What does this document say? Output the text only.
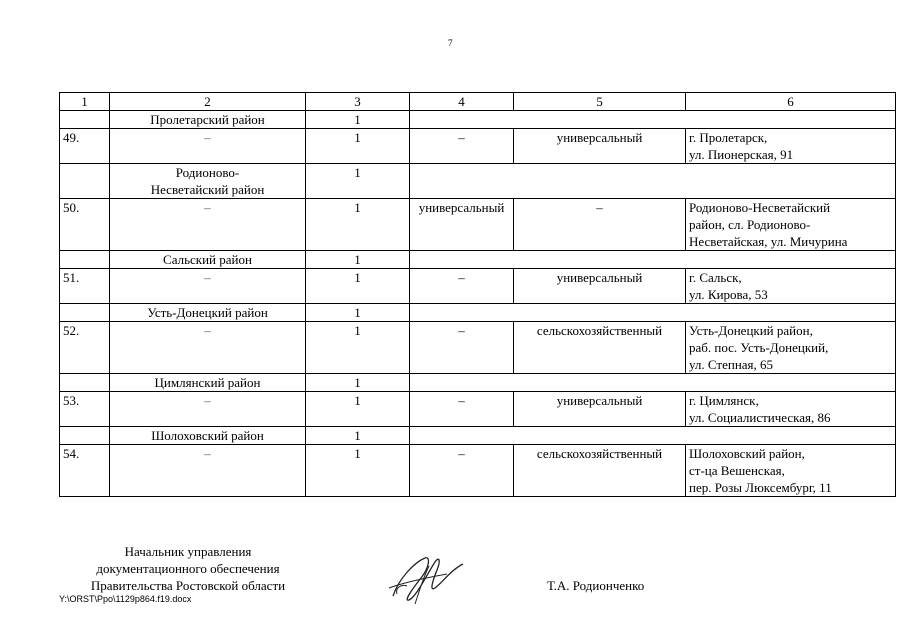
7
1	2	3	4	5	6

	Пролетарский район	1			
49.	–	1	–	универсальный	г. Пролетарск,
ул. Пионерская, 91

	Родионово-
Несветайский район	1			
50.	–	1	универсальный	–	Родионово-Несветайский
район, сл. Родионово-
Несветайская, ул. Мичурина

	Сальский район	1			
51.	–	1	–	универсальный	г. Сальск,
ул. Кирова, 53

	Усть-Донецкий район	1			
52.	–	1	–	сельскохозяйственный	Усть-Донецкий район,
раб. пос. Усть-Донецкий,
ул. Степная, 65

	Цимлянский район	1			
53.	–	1	–	универсальный	г. Цимлянск,
ул. Социалистическая, 86

	Шолоховский район	1			
54.	–	1	–	сельскохозяйственный	Шолоховский район,
ст-ца Вешенская,
пер. Розы Люксембург, 11
Начальник управления
документационного обеспечения
Правительства Ростовской области	Т.А. Родионченко
Y:\ORST\Ppo\1129p864.f19.docx
